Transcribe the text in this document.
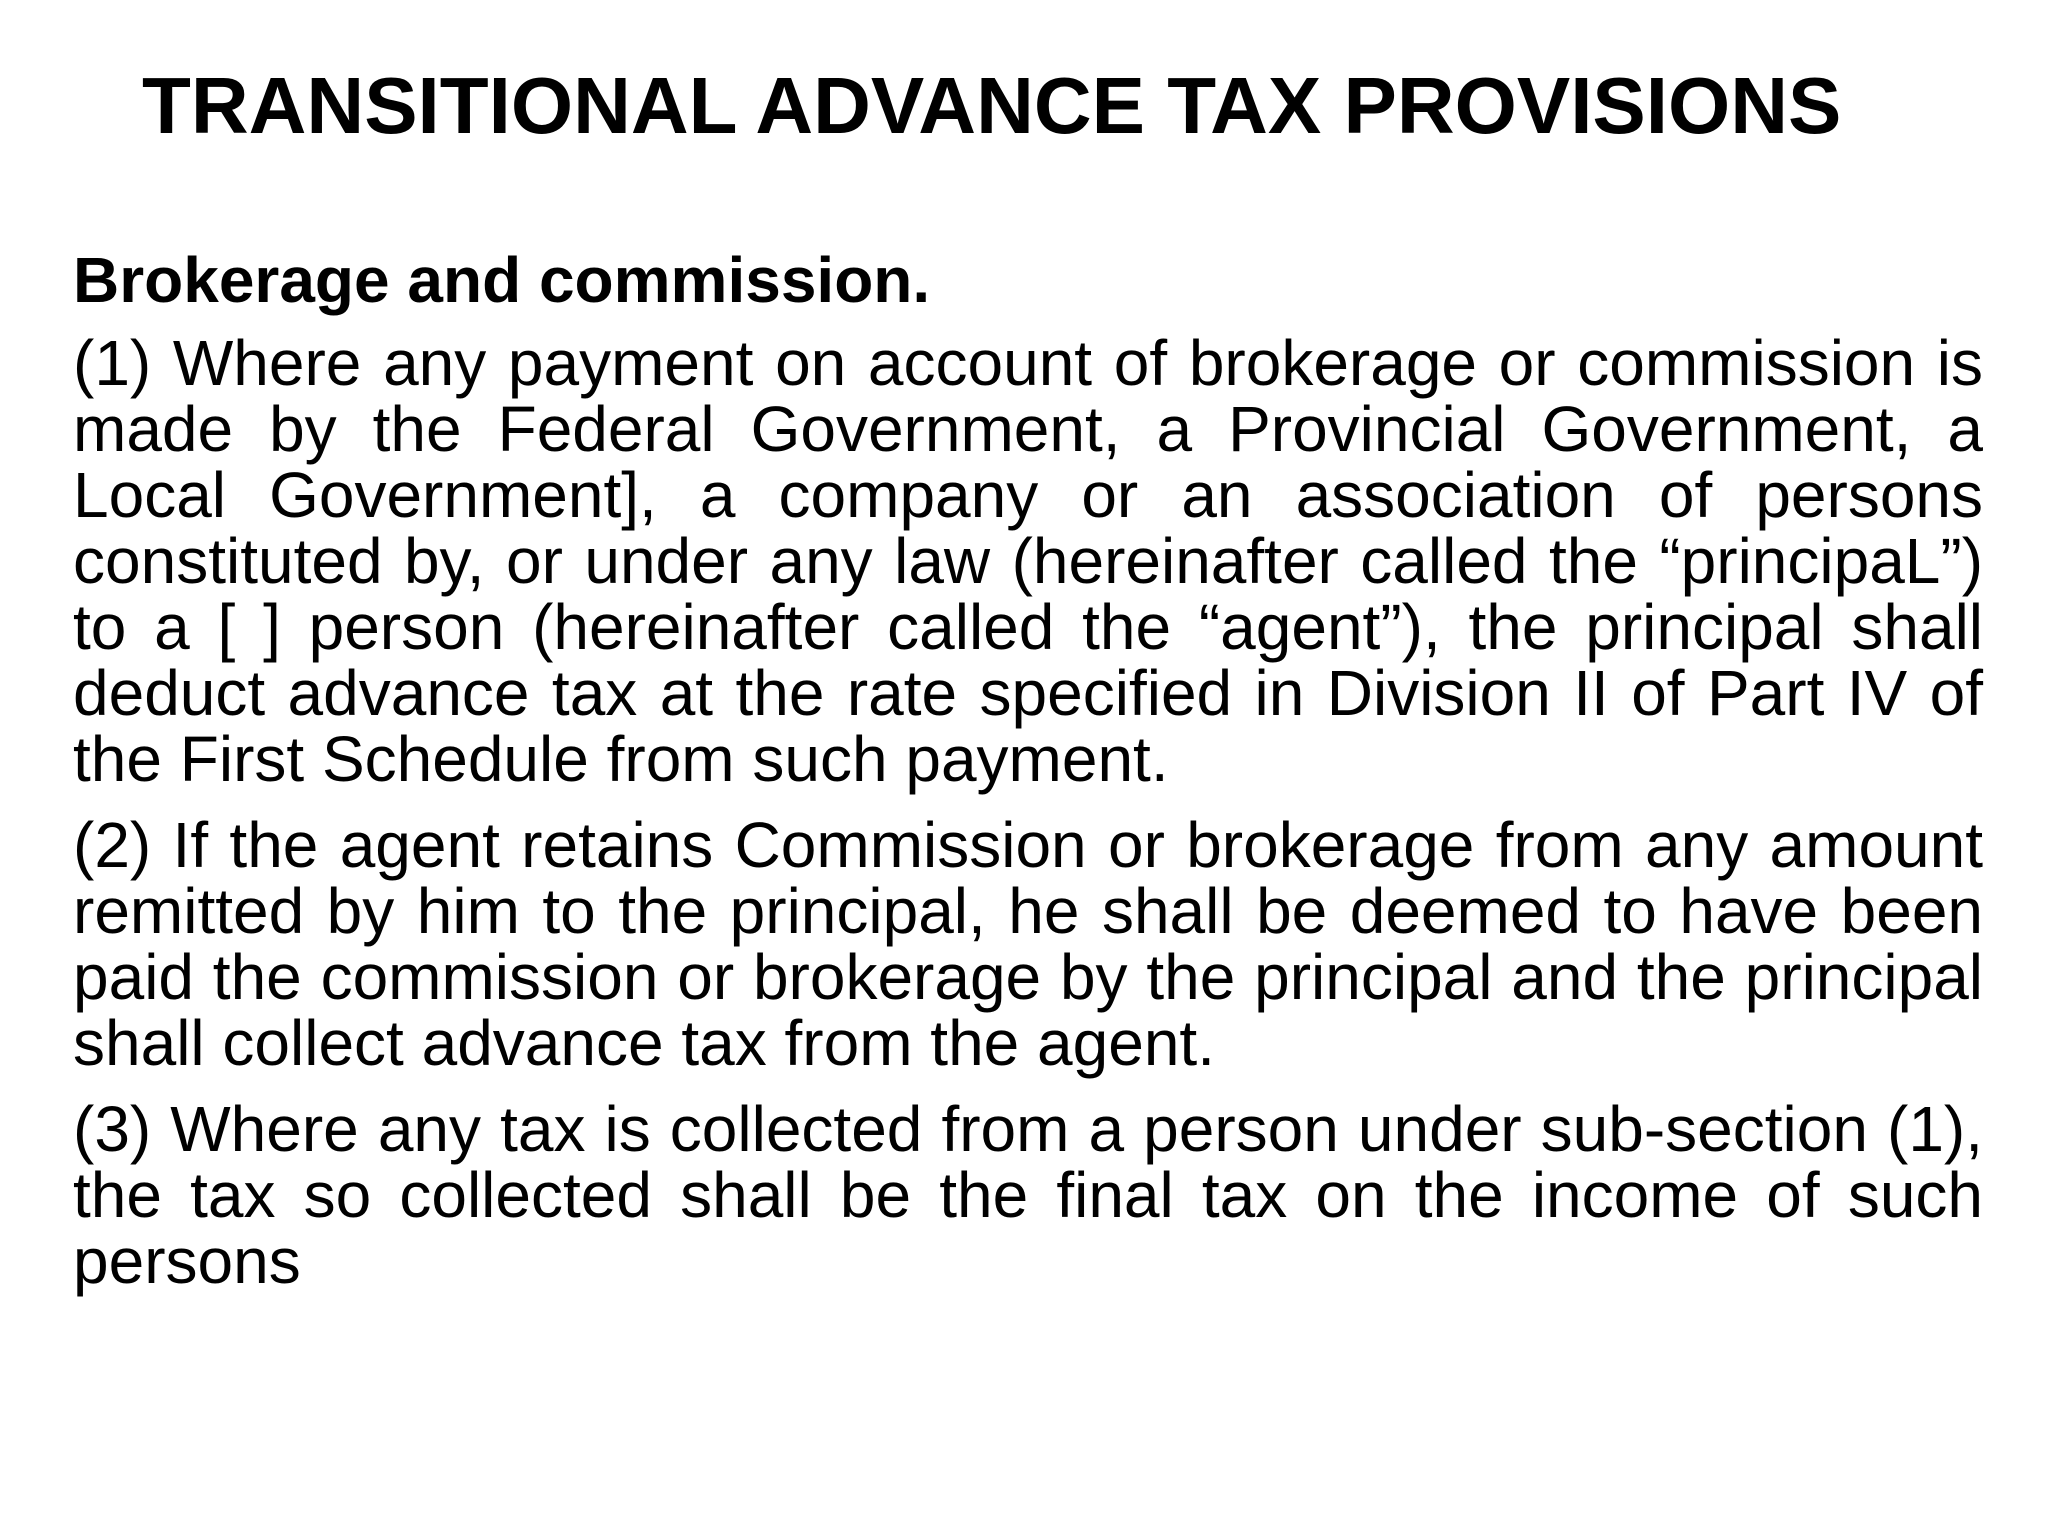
TRANSITIONAL ADVANCE TAX PROVISIONS
Brokerage and commission.

(1) Where any payment on account of brokerage or commission is made by the Federal Government, a Provincial Government, a Local Government], a company or an association of persons constituted by, or under any law (hereinafter called the “principaL”) to a [ ] person (hereinafter called the “agent”), the principal shall deduct advance tax at the rate specified in Division II of Part IV of the First Schedule from such payment.

(2) If the agent retains Commission or brokerage from any amount remitted by him to the principal, he shall be deemed to have been paid the commission or brokerage by the principal and the principal shall collect advance tax from the agent.

(3) Where any tax is collected from a person under sub-section (1), the tax so collected shall be the final tax on the income of such persons
